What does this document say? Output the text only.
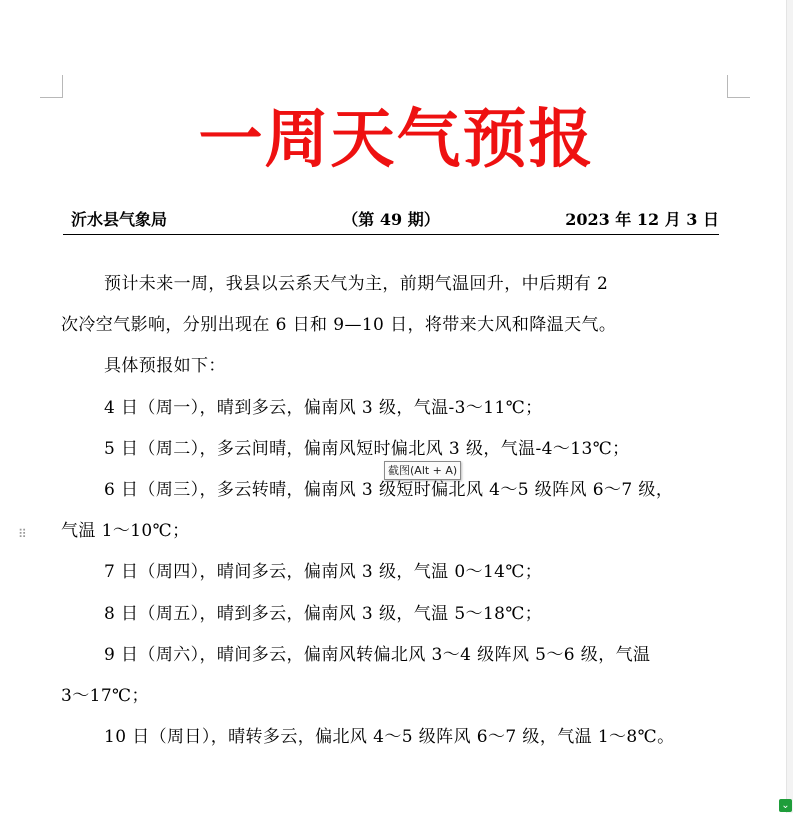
一周天气预报
沂水县气象局	（第 49 期）	2023 年 12 月 3 日
预计未来一周，我县以云系天气为主，前期气温回升，中后期有 2
次冷空气影响，分别出现在 6 日和 9—10 日，将带来大风和降温天气。
具体预报如下：
4 日（周一），晴到多云，偏南风 3 级，气温-3～11℃；
5 日（周二），多云间晴，偏南风短时偏北风 3 级，气温-4～13℃；
6 日（周三），多云转晴，偏南风 3 级短时偏北风 4～5 级阵风 6～7 级，
气温 1～10℃；
7 日（周四），晴间多云，偏南风 3 级，气温 0～14℃；
8 日（周五），晴到多云，偏南风 3 级，气温 5～18℃；
9 日（周六），晴间多云，偏南风转偏北风 3～4 级阵风 5～6 级，气温
3～17℃；
10 日（周日），晴转多云，偏北风 4～5 级阵风 6～7 级，气温 1～8℃。
截图(Alt + A)
⠿
⌄
